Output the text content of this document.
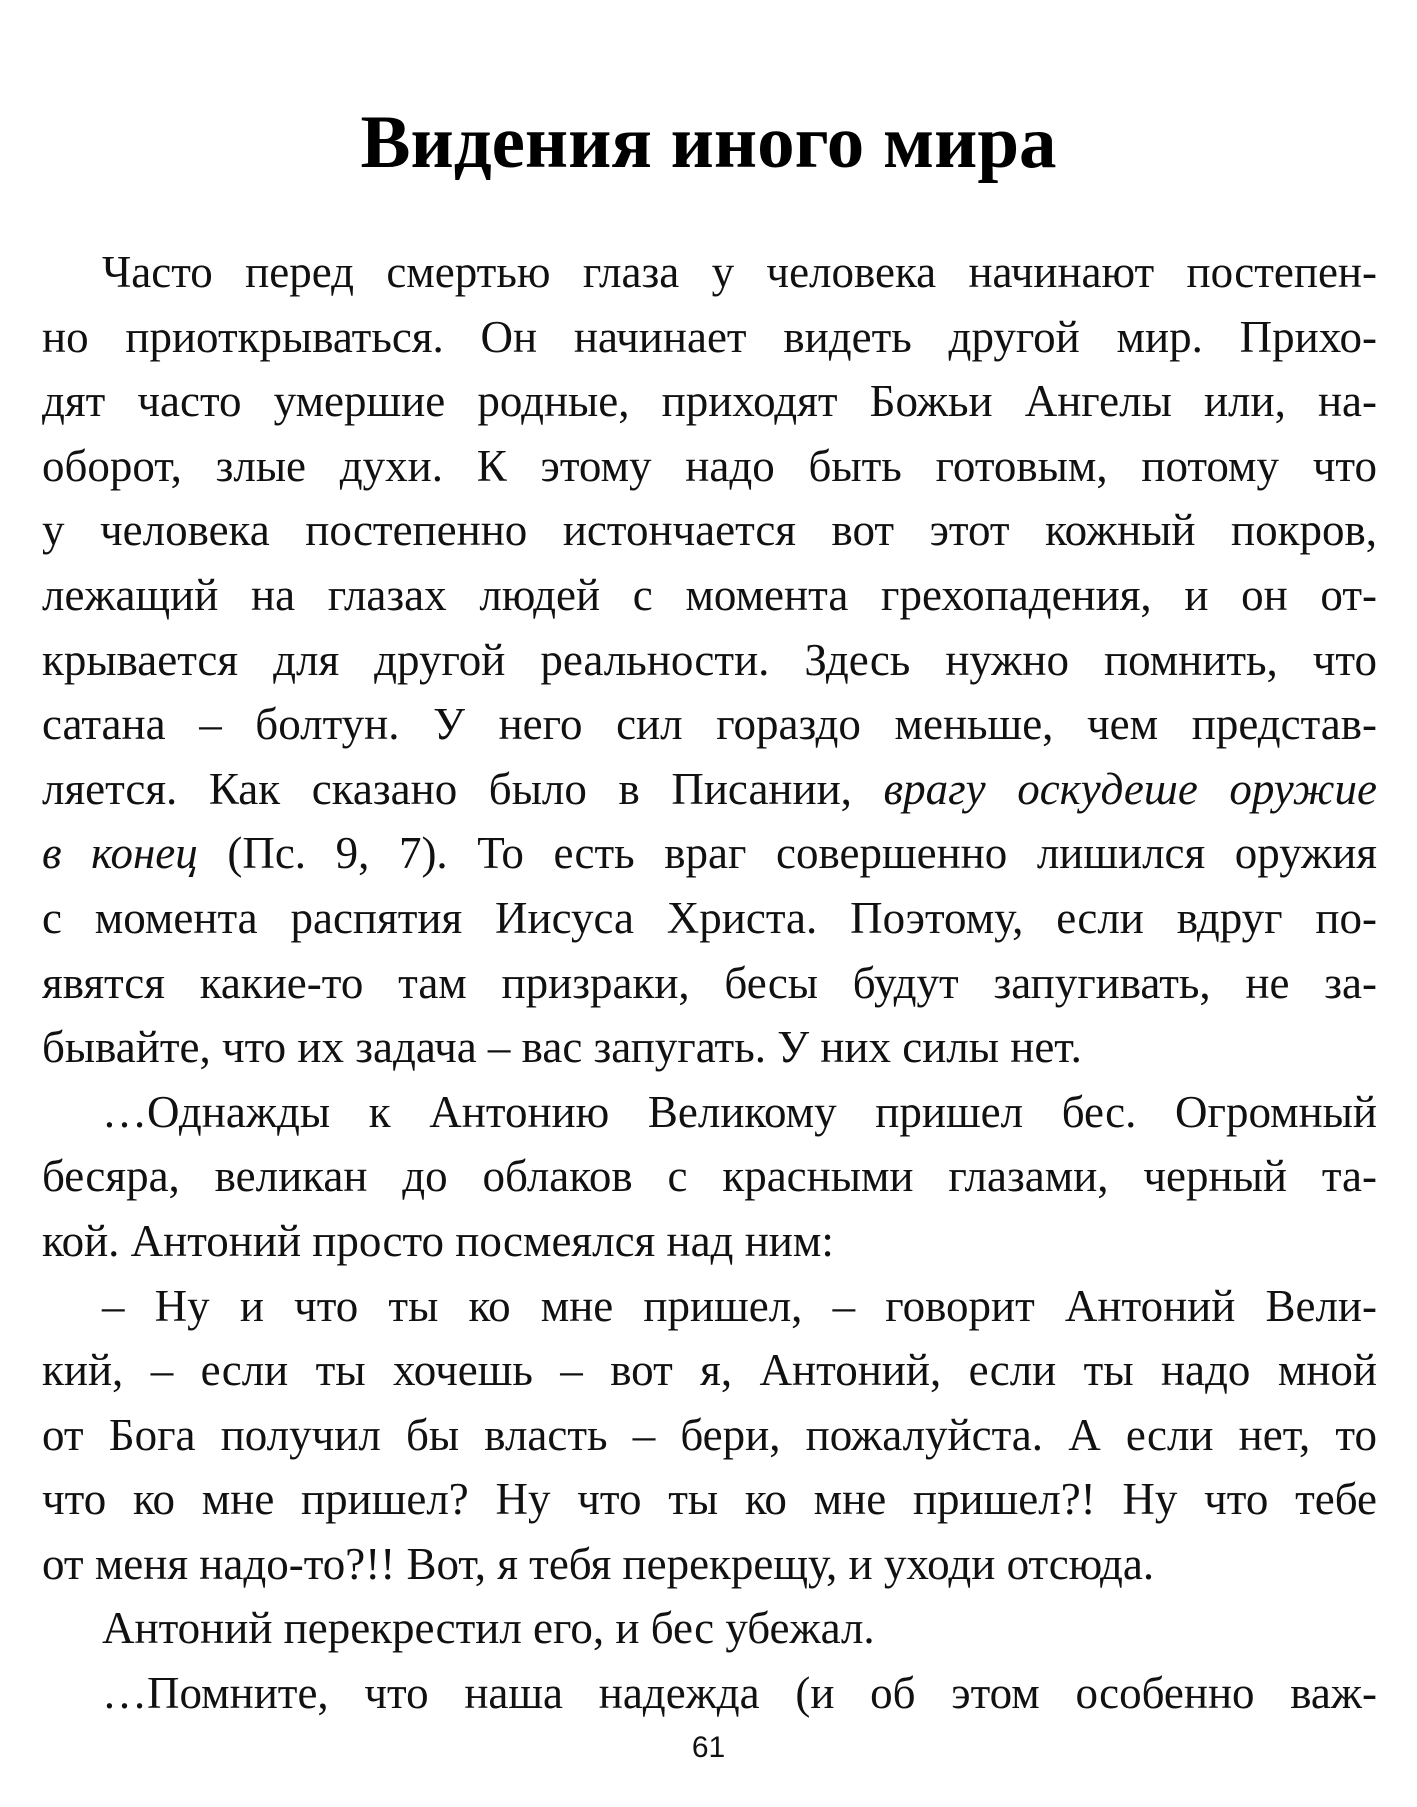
Видения иного мира
Часто перед смертью глаза у человека начинают постепен-
но приоткрываться. Он начинает видеть другой мир. Прихо-
дят часто умершие родные, приходят Божьи Ангелы или, на-
оборот, злые духи. К этому надо быть готовым, потому что
у человека постепенно истончается вот этот кожный покров,
лежащий на глазах людей с момента грехопадения, и он от-
крывается для другой реальности. Здесь нужно помнить, что
сатана – болтун. У него сил гораздо меньше, чем представ-
ляется. Как сказано было в Писании, врагу оскудеше оружие
в конец (Пс. 9, 7). То есть враг совершенно лишился оружия
с момента распятия Иисуса Христа. Поэтому, если вдруг по-
явятся какие-то там призраки, бесы будут запугивать, не за-
бывайте, что их задача – вас запугать. У них силы нет.
…Однажды к Антонию Великому пришел бес. Огромный
бесяра, великан до облаков с красными глазами, черный та-
кой. Антоний просто посмеялся над ним:
– Ну и что ты ко мне пришел, – говорит Антоний Вели-
кий, – если ты хочешь – вот я, Антоний, если ты надо мной
от Бога получил бы власть – бери, пожалуйста. А если нет, то
что ко мне пришел? Ну что ты ко мне пришел?! Ну что тебе
от меня надо-то?!! Вот, я тебя перекрещу, и уходи отсюда.
Антоний перекрестил его, и бес убежал.
…Помните, что наша надежда (и об этом особенно важ-
61
